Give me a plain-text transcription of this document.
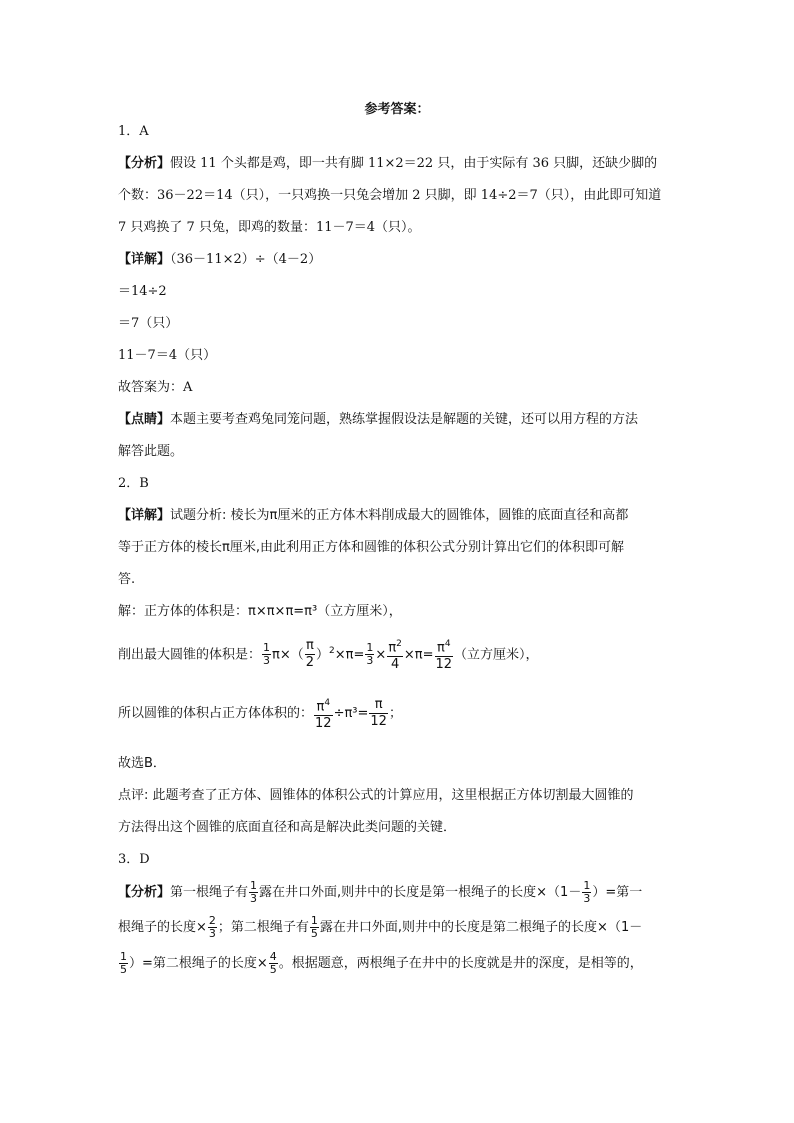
参考答案：
1．A
【分析】假设 11 个头都是鸡，即一共有脚 11×2＝22 只，由于实际有 36 只脚，还缺少脚的
个数：36－22＝14（只），一只鸡换一只兔会增加 2 只脚，即 14÷2＝7（只），由此即可知道
7 只鸡换了 7 只兔，即鸡的数量：11－7＝4（只）。
【详解】（36－11×2）÷（4－2）
＝14÷2
＝7（只）
11－7＝4（只）
故答案为：A
【点睛】本题主要考查鸡兔同笼问题，熟练掌握假设法是解题的关键，还可以用方程的方法
解答此题。
2．B
【详解】试题分析: 棱长为π厘米的正方体木料削成最大的圆锥体，圆锥的底面直径和高都
等于正方体的棱长π厘米,由此利用正方体和圆锥的体积公式分别计算出它们的体积即可解
答.
解：正方体的体积是：π×π×π=π³（立方厘米），
削出最大圆锥的体积是： $\frac{1}{3} \pi\times( \frac{\pi}{2} )^2\times\pi= \frac{1}{3} \times \frac{\pi^2}{4} \times\pi= \frac{\pi^4}{12}$ （立方厘米），
所以圆锥的体积占正方体体积的： $\frac{\pi^4}{12} \div\pi^3= \frac{\pi}{12}$ ；
故选B．
点评: 此题考查了正方体、圆锥体的体积公式的计算应用，这里根据正方体切割最大圆锥的
方法得出这个圆锥的底面直径和高是解决此类问题的关键．
3．D
【分析】第一根绳子有 $\frac{1}{3}$ 露在井口外面,则井中的长度是第一根绳子的长度$\times(1- \frac{1}{3}$ ）=第一
根绳子的长度× $\frac{2}{3}$ ；第二根绳子有 $\frac{1}{5}$ 露在井口外面,则井中的长度是第二根绳子的长度×（1－
$\frac{1}{5}$ ）=第二根绳子的长度× $\frac{4}{5}$ 。根据题意，两根绳子在井中的长度就是井的深度，是相等的，
